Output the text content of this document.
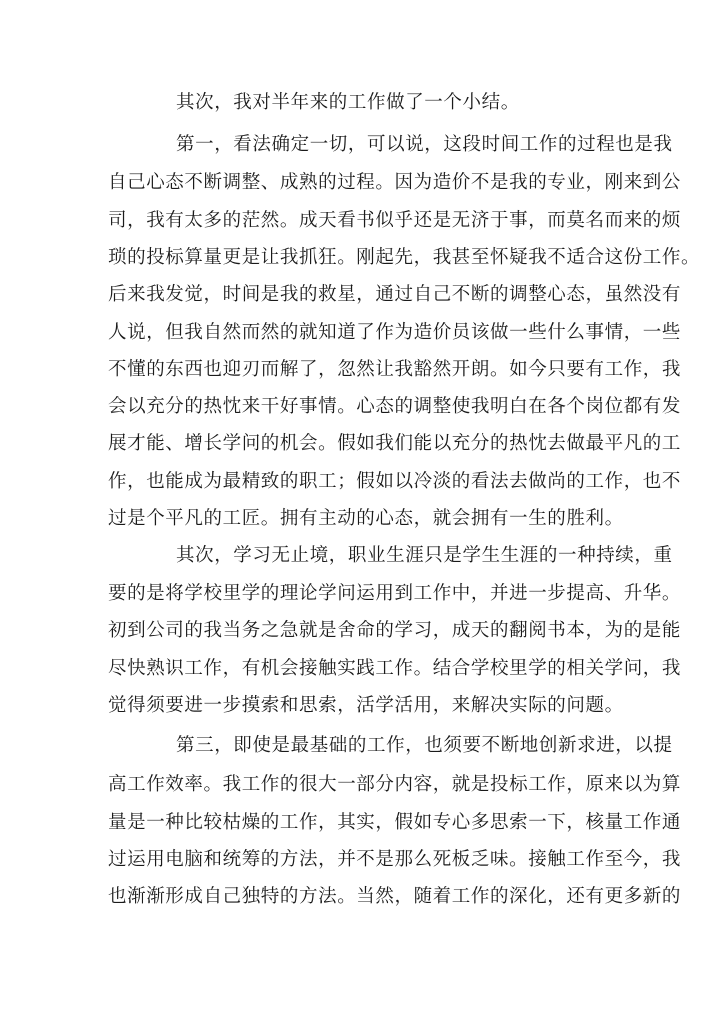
其次，我对半年来的工作做了一个小结。
第一，看法确定一切，可以说，这段时间工作的过程也是我
自己心态不断调整、成熟的过程。因为造价不是我的专业，刚来到公
司，我有太多的茫然。成天看书似乎还是无济于事，而莫名而来的烦
琐的投标算量更是让我抓狂。刚起先，我甚至怀疑我不适合这份工作。
后来我发觉，时间是我的救星，通过自己不断的调整心态，虽然没有
人说，但我自然而然的就知道了作为造价员该做一些什么事情，一些
不懂的东西也迎刃而解了，忽然让我豁然开朗。如今只要有工作，我
会以充分的热忱来干好事情。心态的调整使我明白在各个岗位都有发
展才能、增长学问的机会。假如我们能以充分的热忱去做最平凡的工
作，也能成为最精致的职工；假如以冷淡的看法去做尚的工作，也不
过是个平凡的工匠。拥有主动的心态，就会拥有一生的胜利。
其次，学习无止境，职业生涯只是学生生涯的一种持续，重
要的是将学校里学的理论学问运用到工作中，并进一步提高、升华。
初到公司的我当务之急就是舍命的学习，成天的翻阅书本，为的是能
尽快熟识工作，有机会接触实践工作。结合学校里学的相关学问，我
觉得须要进一步摸索和思索，活学活用，来解决实际的问题。
第三，即使是最基础的工作，也须要不断地创新求进，以提
高工作效率。我工作的很大一部分内容，就是投标工作，原来以为算
量是一种比较枯燥的工作，其实，假如专心多思索一下，核量工作通
过运用电脑和统筹的方法，并不是那么死板乏味。接触工作至今，我
也渐渐形成自己独特的方法。当然，随着工作的深化，还有更多新的
